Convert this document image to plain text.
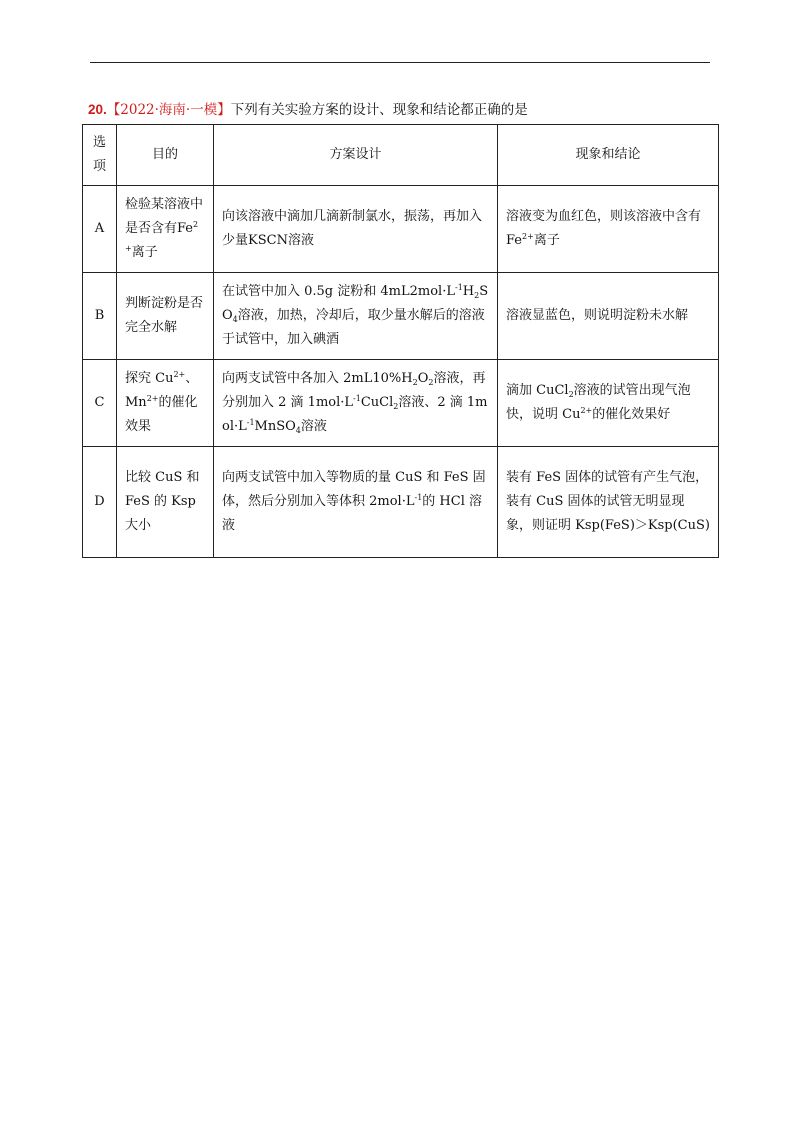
20.【2022·海南·一模】下列有关实验方案的设计、现象和结论都正确的是
选项	目的	方案设计	现象和结论
A	检验某溶液中是否含有$Fe^{2+}$离子	向该溶液中滴加几滴新制氯水，振荡，再加入少量KSCN溶液	溶液变为血红色，则该溶液中含有 $Fe^{2+}$离子
B	判断淀粉是否完全水解	在试管中加入 0.5g 淀粉和 $4mL2mol\cdot L^{-1}H_2SO_4$溶液，加热，冷却后，取少量水解后的溶液于试管中，加入碘酒	溶液显蓝色，则说明淀粉未水解
C	探究 $Cu^{2+}$、$Mn^{2+}$的催化效果	向两支试管中各加入 $2mL10\%H_2O_2$溶液，再分别加入 2 滴 $1mol\cdot L^{-1}CuCl_2$溶液、2 滴 $1mol\cdot L^{-1}MnSO_4$溶液	滴加 CuCl$_2$溶液的试管出现气泡快，说明 $Cu^{2+}$的催化效果好
D	比较 CuS 和 FeS 的 Ksp 大小	向两支试管中加入等物质的量 CuS 和 FeS 固体，然后分别加入等体积 $2mol\cdot L^{-1}$的 HCl 溶液	装有 FeS 固体的试管有产生气泡，装有 CuS 固体的试管无明显现象，则证明 Ksp(FeS)＞Ksp(CuS)
